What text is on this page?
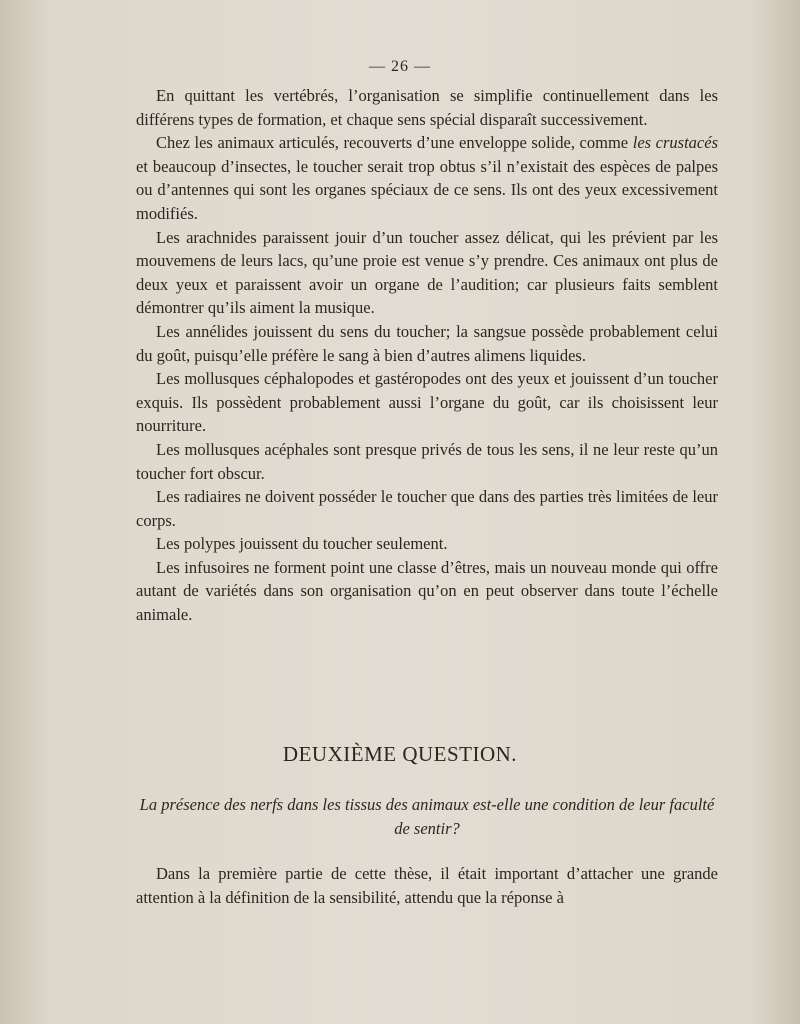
— 26 —

En quittant les vertébrés, l’organisation se simplifie continuellement dans les différens types de formation, et chaque sens spécial disparaît successivement.

Chez les animaux articulés, recouverts d’une enveloppe solide, comme les crustacés et beaucoup d’insectes, le toucher serait trop obtus s’il n’existait des espèces de palpes ou d’antennes qui sont les organes spéciaux de ce sens. Ils ont des yeux excessivement modifiés.

Les arachnides paraissent jouir d’un toucher assez délicat, qui les prévient par les mouvemens de leurs lacs, qu’une proie est venue s’y prendre. Ces animaux ont plus de deux yeux et paraissent avoir un organe de l’audition; car plusieurs faits semblent démontrer qu’ils aiment la musique.

Les annélides jouissent du sens du toucher; la sangsue possède probablement celui du goût, puisqu’elle préfère le sang à bien d’autres alimens liquides.

Les mollusques céphalopodes et gastéropodes ont des yeux et jouissent d’un toucher exquis. Ils possèdent probablement aussi l’organe du goût, car ils choisissent leur nourriture.

Les mollusques acéphales sont presque privés de tous les sens, il ne leur reste qu’un toucher fort obscur.

Les radiaires ne doivent posséder le toucher que dans des parties très limitées de leur corps.

Les polypes jouissent du toucher seulement.

Les infusoires ne forment point une classe d’êtres, mais un nouveau monde qui offre autant de variétés dans son organisation qu’on en peut observer dans toute l’échelle animale.

DEUXIÈME QUESTION.
La présence des nerfs dans les tissus des animaux est-elle une condition de leur faculté de sentir?

Dans la première partie de cette thèse, il était important d’attacher une grande attention à la définition de la sensibilité, attendu que la réponse à
